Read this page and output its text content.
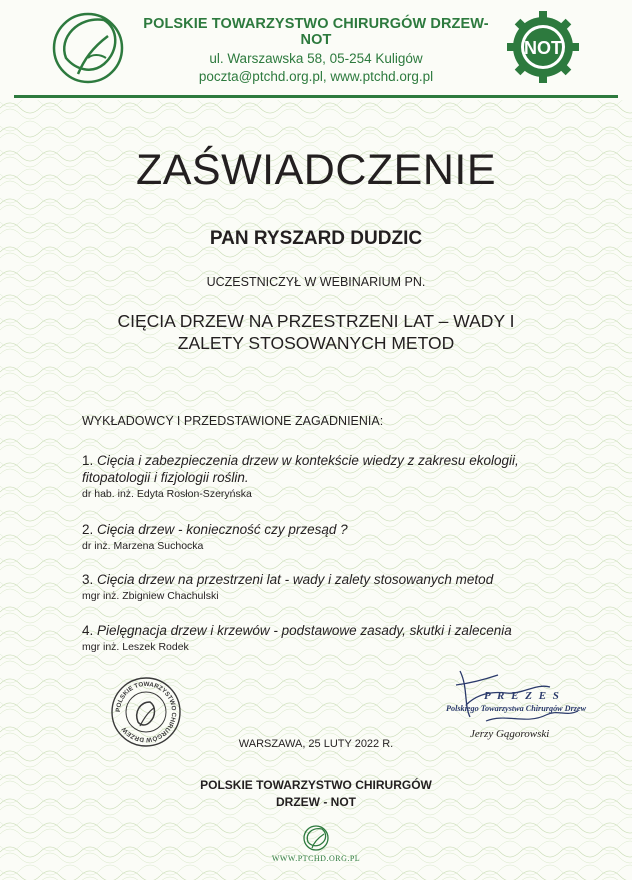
POLSKIE TOWARZYSTWO CHIRURGÓW DRZEW-NOT
ul. Warszawska 58, 05-254 Kuligów
poczta@ptchd.org.pl, www.ptchd.org.pl
NOT
ZAŚWIADCZENIE
PAN RYSZARD DUDZIC
UCZESTNICZYŁ W WEBINARIUM PN.
CIĘCIA DRZEW NA PRZESTRZENI LAT – WADY I ZALETY STOSOWANYCH METOD
WYKŁADOWCY I PRZEDSTAWIONE ZAGADNIENIA:
1. Cięcia i zabezpieczenia drzew w kontekście wiedzy z zakresu ekologii, fitopatologii i fizjologii roślin.
dr hab. inż. Edyta Rosłon-Szeryńska
2. Cięcia drzew - konieczność czy przesąd ?
dr inż. Marzena Suchocka
3. Cięcia drzew na przestrzeni lat - wady i zalety stosowanych metod
mgr inż. Zbigniew Chachulski
4. Pielęgnacja drzew i krzewów - podstawowe zasady, skutki i zalecenia
mgr inż. Leszek Rodek
POLSKIE TOWARZYSTWO CHIRURGÓW DRZEW
P R E Z E S
Polskiego Towarzystwa Chirurgów Drzew
Jerzy Gągorowski
WARSZAWA, 25 LUTY 2022 R.
POLSKIE TOWARZYSTWO CHIRURGÓW
DRZEW - NOT
WWW.PTCHD.ORG.PL
